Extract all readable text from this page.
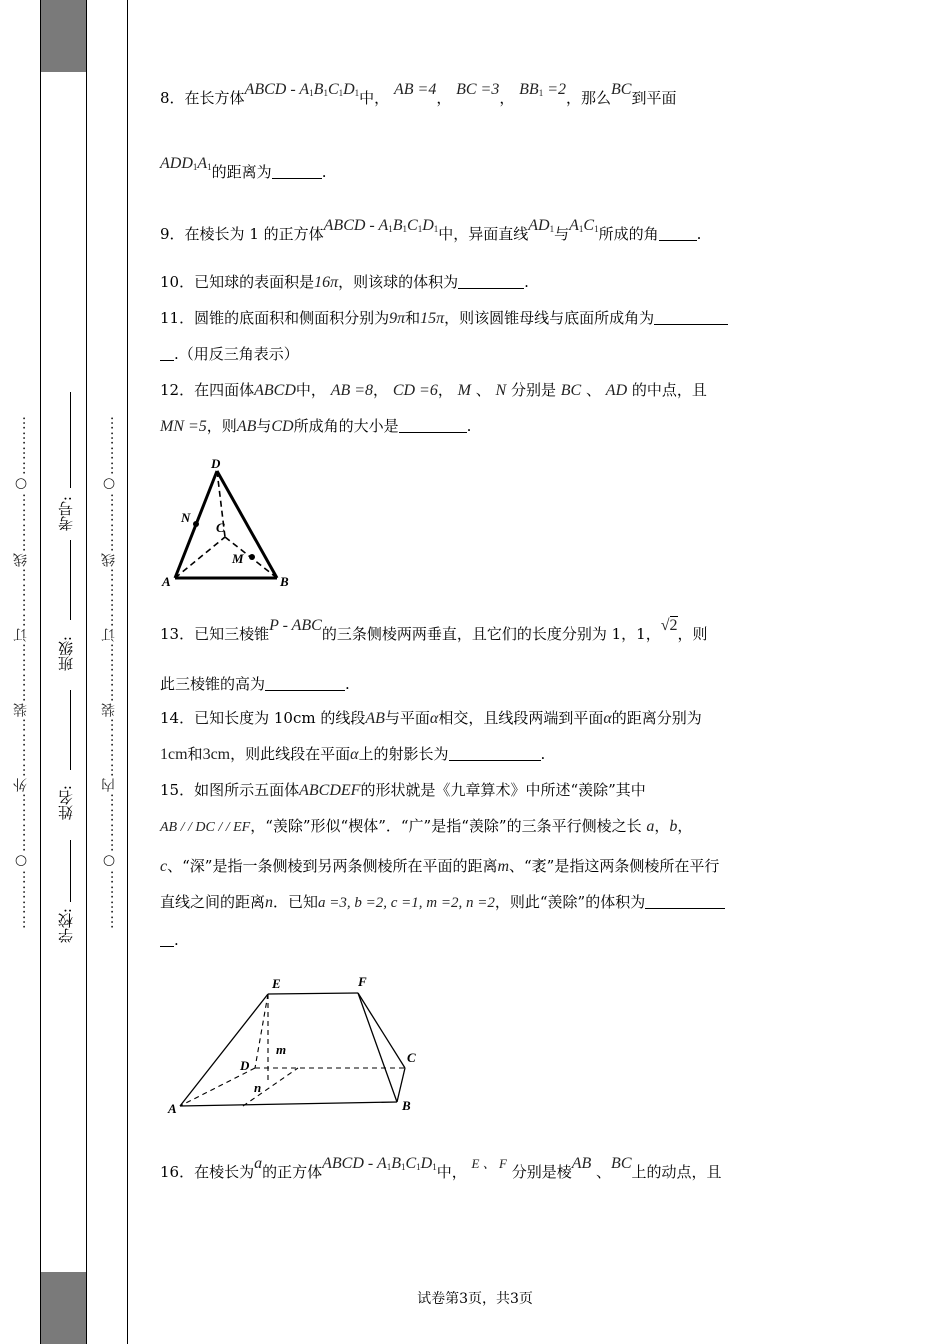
…………○…………外…………装…………订…………线…………○………… 学校:
姓名:
班级:
考号: …………○…………内…………装…………订…………线…………○…………
8．在长方体ABCD - $A_1B_1C_1D_1$中， AB =4， BC =3， $BB_1 =2$，那么BC到平面
$ADD_1A_1$的距离为	.
9．在棱长为 1 的正方体ABCD - $A_1B_1C_1D_1$中，异面直线$AD_1$与$A_1C_1$所成的角	.
10．已知球的表面积是16π，则该球的体积为	.
11．圆锥的底面积和侧面积分别为9π和15π，则该圆锥母线与底面所成角为
.（用反三角表示）
12．在四面体ABCD中， AB =8， CD =6， M 、 N 分别是 BC 、 AD 的中点，且
MN =5，则AB与CD所成角的大小是	.
D
N
C
M
A	B
13．已知三棱锥P - ABC的三条侧棱两两垂直，且它们的长度分别为 1，1，√2，则
此三棱锥的高为	.
14．已知长度为 10cm 的线段AB与平面α相交，且线段两端到平面α的距离分别为
1cm和3cm，则此线段在平面α上的射影长为	.
15．如图所示五面体ABCDEF的形状就是《九章算术》中所述“羡除”其中
AB / / DC / / EF，“羡除”形似“楔体”．“广”是指“羡除”的三条平行侧棱之长 a，b，
c、“深”是指一条侧棱到另两条侧棱所在平面的距离m、“袤”是指这两条侧棱所在平行
直线之间的距离n．已知a =3, b =2, c =1, m =2, n =2，则此“羡除”的体积为
.
E	F
m
D
C
n
A	B
16．在棱长为a的正方体ABCD - $A_1B_1C_1D_1$中， E 、 F 分别是棱AB 、BC上的动点，且
试卷第3页，共3页
